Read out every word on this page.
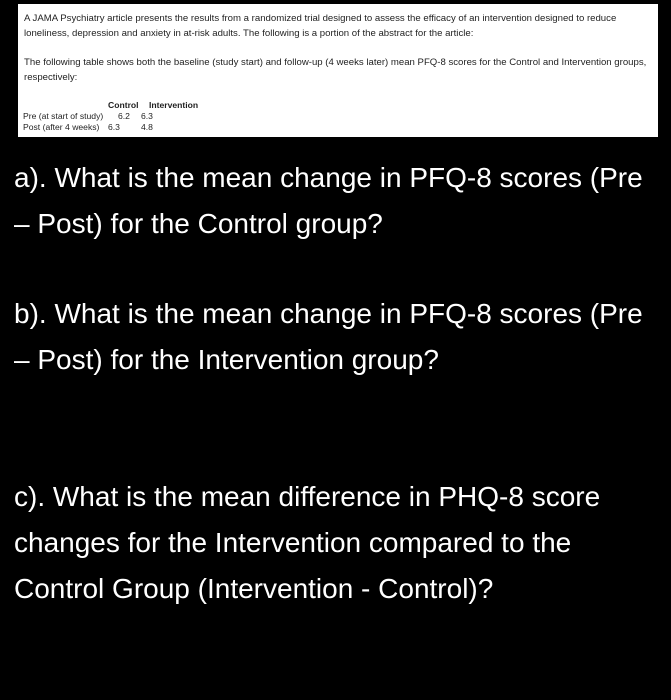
A JAMA Psychiatry article presents the results from a randomized trial designed to assess the efficacy of an intervention designed to reduce loneliness, depression and anxiety in at-risk adults. The following is a portion of the abstract for the article:

The following table shows both the baseline (study start) and follow-up (4 weeks later) mean PFQ-8 scores for the Control and Intervention groups, respectively:

Control Intervention
Pre (at start of study) 6.2 6.3
Post (after 4 weeks) 6.3 4.8

a). What is the mean change in PFQ-8 scores (Pre – Post) for the Control group?

b). What is the mean change in PFQ-8 scores (Pre – Post) for the Intervention group?

c). What is the mean difference in PHQ-8 score changes for the Intervention compared to the Control Group (Intervention - Control)?
